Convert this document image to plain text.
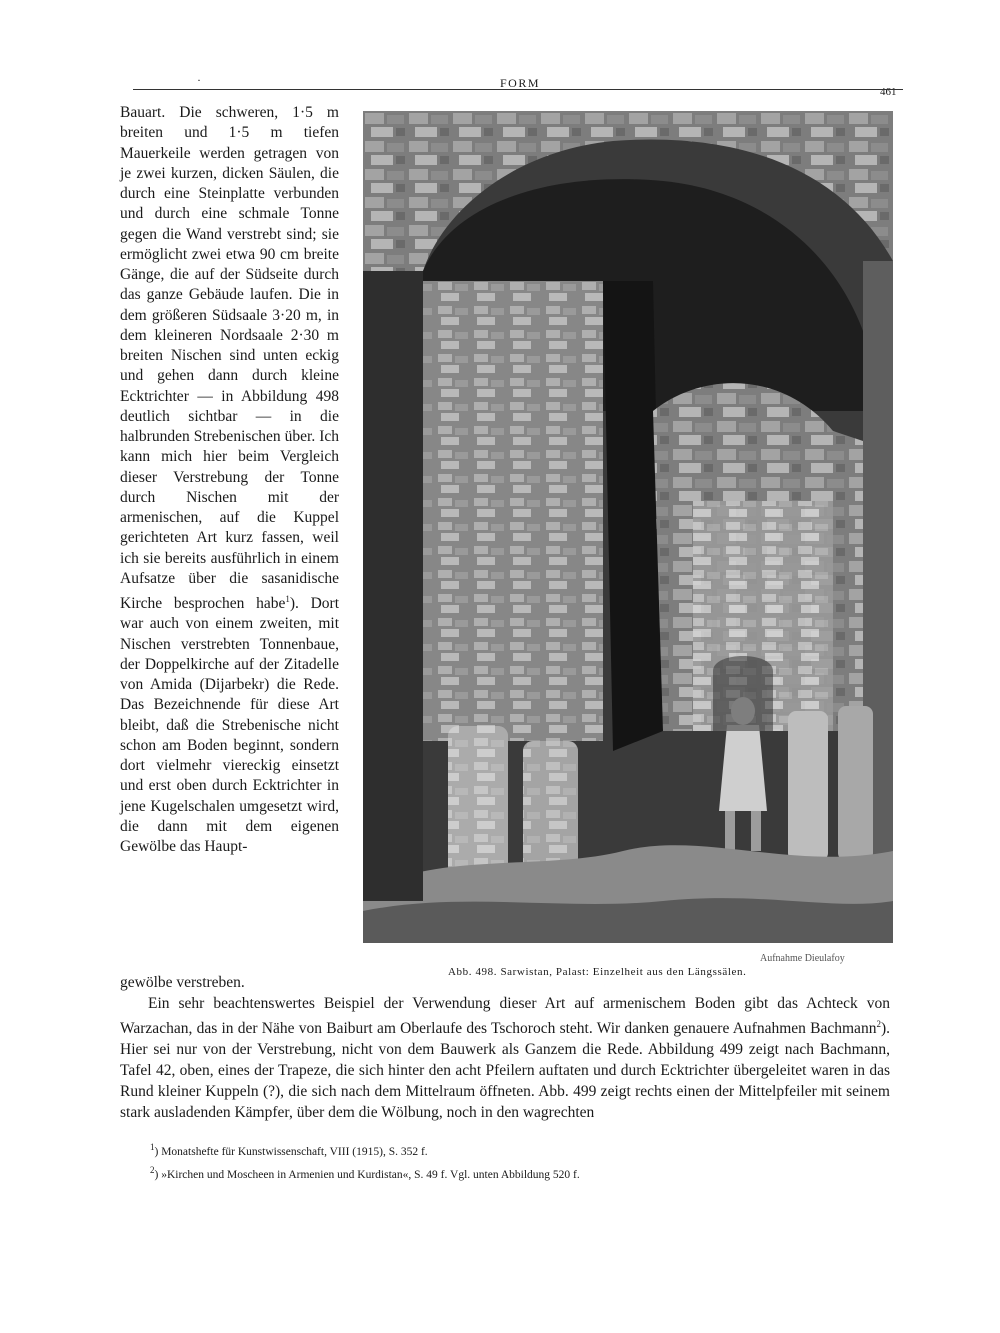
·	FORM
461
Bauart. Die schweren, 1·5 m breiten und 1·5 m tiefen Mauerkeile werden getragen von je zwei kurzen, dicken Säulen, die durch eine Steinplatte verbunden und durch eine schmale Tonne gegen die Wand verstrebt sind; sie ermöglicht zwei etwa 90 cm breite Gänge, die auf der Südseite durch das ganze Gebäude laufen. Die in dem größeren Südsaale 3·20 m, in dem kleineren Nordsaale 2·30 m breiten Nischen sind unten eckig und gehen dann durch kleine Ecktrichter — in Abbildung 498 deutlich sichtbar — in die halbrunden Strebenischen über. Ich kann mich hier beim Vergleich dieser Verstrebung der Tonne durch Nischen mit der armenischen, auf die Kuppel gerichteten Art kurz fassen, weil ich sie bereits ausführlich in einem Aufsatze über die sasanidische Kirche besprochen habe$^1$). Dort war auch von einem zweiten, mit Nischen verstrebten Tonnenbaue, der Doppelkirche auf der Zitadelle von Amida (Dijarbekr) die Rede. Das Bezeichnende für diese Art bleibt, daß die Strebenische nicht schon am Boden beginnt, sondern dort vielmehr viereckig einsetzt und erst oben durch Ecktrichter in jene Kugelschalen umgesetzt wird, die dann mit dem eigenen Gewölbe das Haupt-
Aufnahme Dieulafoy
Abb. 498. Sarwistan, Palast: Einzelheit aus den Längssälen.
gewölbe verstreben.

Ein sehr beachtenswertes Beispiel der Verwendung dieser Art auf armenischem Boden gibt das Achteck von Warzachan, das in der Nähe von Baiburt am Oberlaufe des Tschoroch steht. Wir danken genauere Aufnahmen Bachmann$^2$). Hier sei nur von der Verstrebung, nicht von dem Bauwerk als Ganzem die Rede. Abbildung 499 zeigt nach Bachmann, Tafel 42, oben, eines der Trapeze, die sich hinter den acht Pfeilern auftaten und durch Ecktrichter übergeleitet waren in das Rund kleiner Kuppeln (?), die sich nach dem Mittelraum öffneten. Abb. 499 zeigt rechts einen der Mittelpfeiler mit seinem stark ausladenden Kämpfer, über dem die Wölbung, noch in den wagrechten

$^1$) Monatshefte für Kunstwissenschaft, VIII (1915), S. 352 f.
$^2$) »Kirchen und Moscheen in Armenien und Kurdistan«, S. 49 f. Vgl. unten Abbildung 520 f.
